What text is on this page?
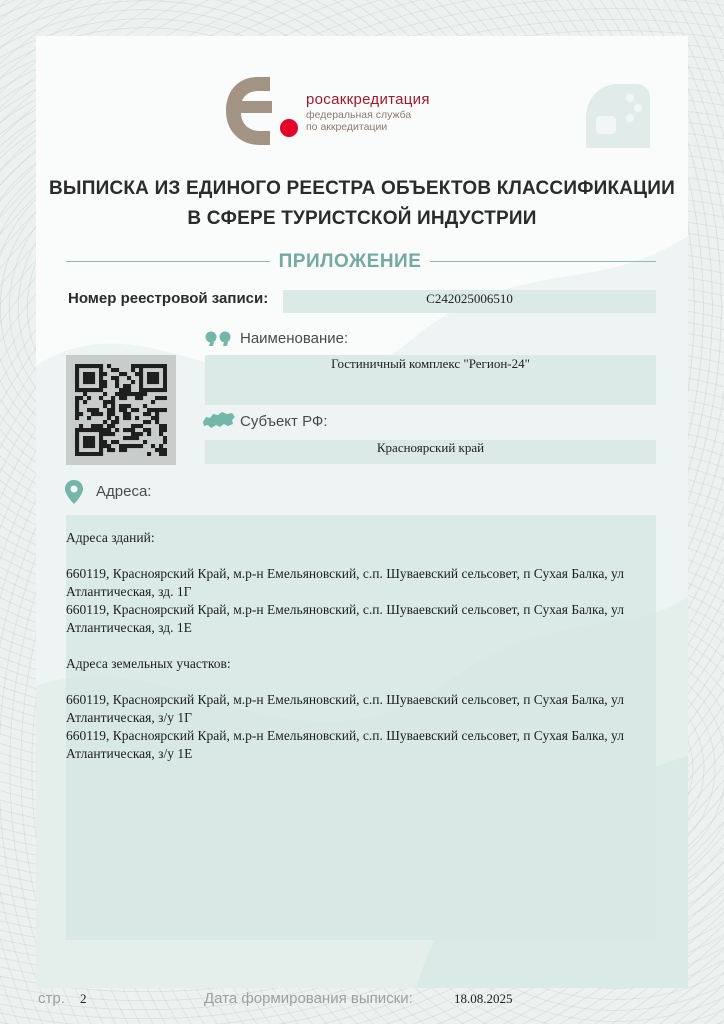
росаккредитация
федеральная служба
по аккредитации
ВЫПИСКА ИЗ ЕДИНОГО РЕЕСТРА ОБЪЕКТОВ КЛАССИФИКАЦИИ
В СФЕРЕ ТУРИСТСКОЙ ИНДУСТРИИ
ПРИЛОЖЕНИЕ
Номер реестровой записи:	С242025006510
Наименование:
Гостиничный комплекс "Регион-24"
Субъект РФ:
Красноярский край
Адреса:

Адреса зданий:

660119, Красноярский Край, м.р-н Емельяновский, с.п. Шуваевский сельсовет, п Сухая Балка, ул Атлантическая, зд. 1Г

660119, Красноярский Край, м.р-н Емельяновский, с.п. Шуваевский сельсовет, п Сухая Балка, ул Атлантическая, зд. 1Е

Адреса земельных участков:

660119, Красноярский Край, м.р-н Емельяновский, с.п. Шуваевский сельсовет, п Сухая Балка, ул Атлантическая, з/у 1Г

660119, Красноярский Край, м.р-н Емельяновский, с.п. Шуваевский сельсовет, п Сухая Балка, ул Атлантическая, з/у 1Е

стр. 2	Дата формирования выписки:	18.08.2025
